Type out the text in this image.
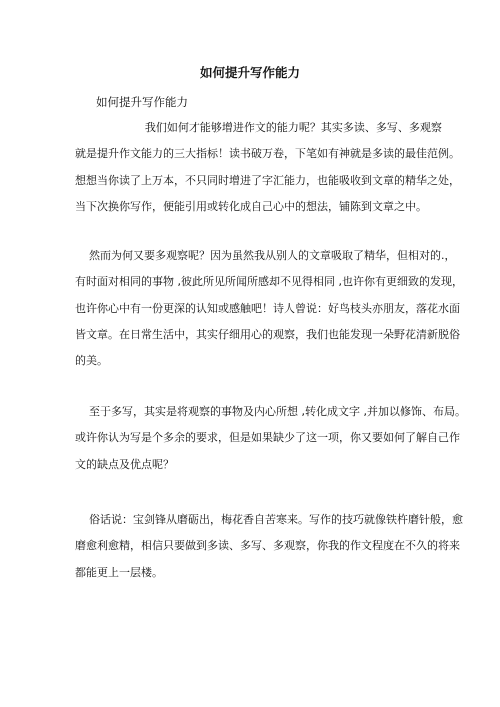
如何提升写作能力
如何提升写作能力

我们如何才能够增进作文的能力呢？其实多读、多写、多观察
就是提升作文能力的三大指标！读书破万卷，下笔如有神就是多读的最佳范例。
想想当你读了上万本，不只同时增进了字汇能力，也能吸收到文章的精华之处，
当下次换你写作，便能引用或转化成自己心中的想法，铺陈到文章之中。

然而为何又要多观察呢？因为虽然我从别人的文章吸取了精华，但相对的.，
有时面对相同的事物 ,彼此所见所闻所感却不见得相同 ,也许你有更细致的发现，
也许你心中有一份更深的认知或感触吧！诗人曾说：好鸟枝头亦朋友，落花水面
皆文章。在日常生活中，其实仔细用心的观察，我们也能发现一朵野花清新脱俗
的美。

至于多写，其实是将观察的事物及内心所想 ,转化成文字 ,并加以修饰、布局。
或许你认为写是个多余的要求，但是如果缺少了这一项，你又要如何了解自己作
文的缺点及优点呢？

俗话说：宝剑锋从磨砺出，梅花香自苦寒来。写作的技巧就像铁杵磨针般，愈
磨愈利愈精，相信只要做到多读、多写、多观察，你我的作文程度在不久的将来
都能更上一层楼。
